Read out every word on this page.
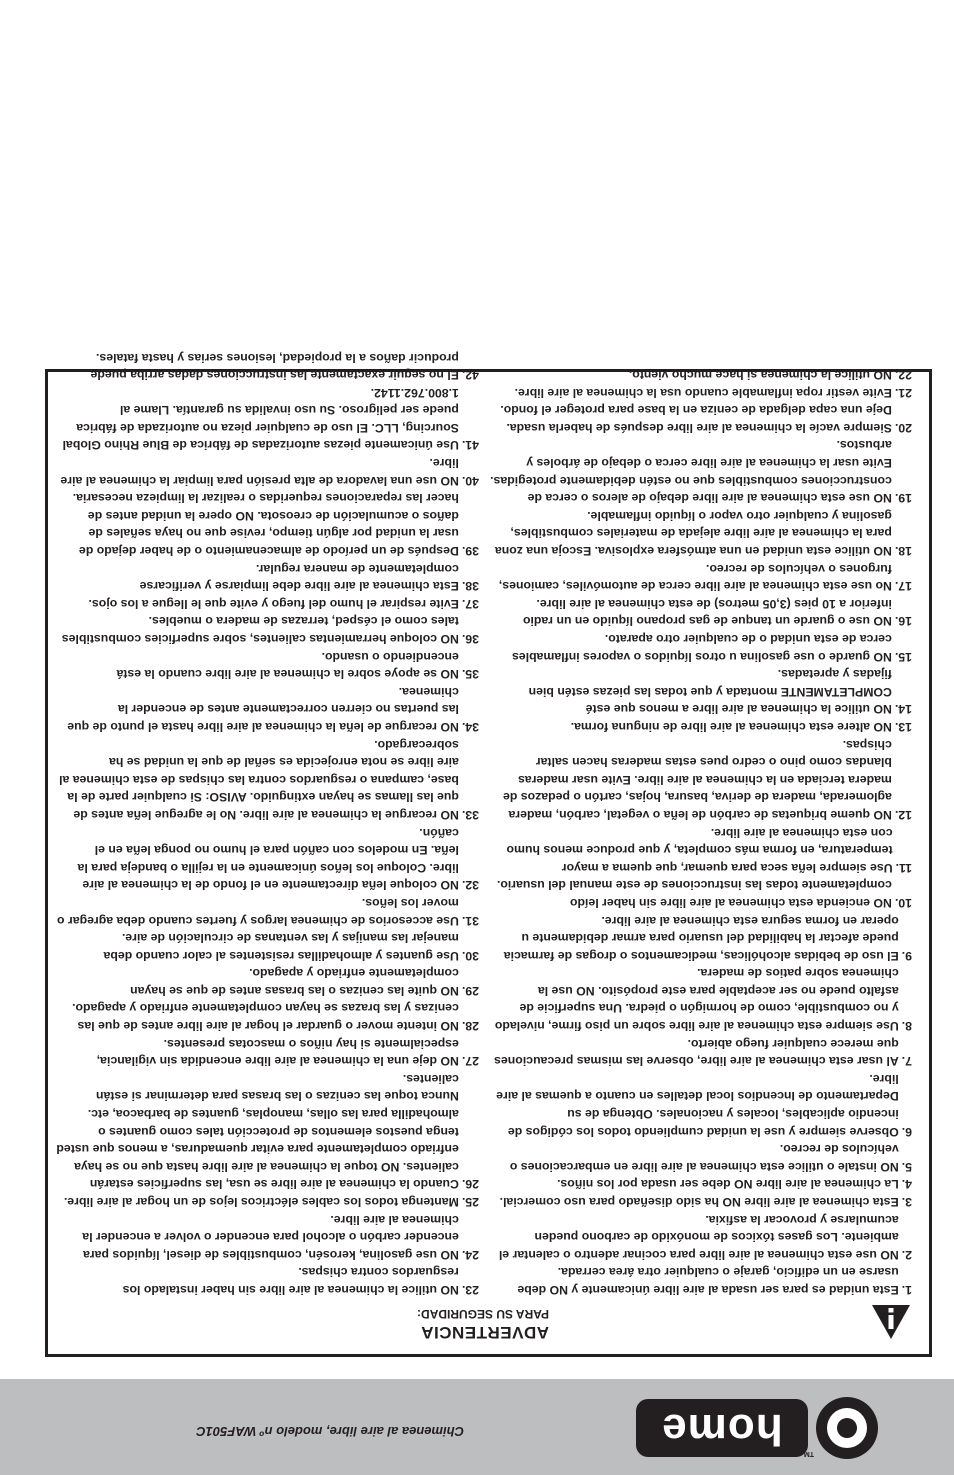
TM
home
Chimenea al aire libre, modelo nº WAF501C
ADVERTENCIA
PARA SU SEGURIDAD:
1.
Esta unidad es para ser usada al aire libre únicamente y NO debe usarse en un edificio, garaje o cualquier otra área cerrada.
2.
NO use esta chimenea al aire libre para cocinar adentro o calentar el ambiente. Los gases tóxicos de monóxido de carbono pueden acumularse y provocar la asfixia.
3.
Esta chimenea al aire libre NO ha sido diseñado para uso comercial.
4.
La chimenea al aire libre NO debe ser usada por los niños.
5.
NO instale o utilice esta chimenea al aire libre en embarcaciones o vehículos de recreo.
6.
Observe siempre y use la unidad cumpliendo todos los códigos de incendio aplicables, locales y nacionales. Obtenga de su Departamento de Incendios local detalles en cuanto a quemas al aire libre.
7.
Al usar esta chimenea al aire libre, observe las mismas precauciones que merece cualquier fuego abierto.
8.
Use siempre esta chimenea al aire libre sobre un piso firme, nivelado y no combustible, como de hormigón o piedra. Una superficie de asfalto puede no ser aceptable para este propósito. NO use la chimenea sobre patios de madera.
9.
El uso de bebidas alcohólicas, medicamentos o drogas de farmacia puede afectar la habilidad del usuario para armar debidamente u operar en forma segura esta chimenea al aire libre.
10.
NO encienda esta chimenea al aire libre sin haber leído completamente todas las instrucciones de este manual del usuario.
11.
Use siempre leña seca para quemar, que quema a mayor temperatura, en forma más completa, y que produce menos humo con esta chimenea al aire libre.
12.
NO queme briquetas de carbón de leña o vegetal, carbón, madera aglomerada, madera de deriva, basura, hojas, cartón o pedazos de madera terciada en la chimenea al aire libre. Evite usar maderas blandas como pino o cedro pues estas maderas hacen saltar chispas.
13.
NO altere esta chimenea al aire libre de ninguna forma.
14.
NO utilice la chimenea al aire libre a menos que esté COMPLETAMENTE montada y que todas las piezas estén bien fijadas y apretadas.
15.
NO guarde o use gasolina u otros líquidos o vapores inflamables cerca de esta unidad o de cualquier otro aparato.
16.
NO use o guarde un tanque de gas propano líquido en un radio inferior a 10 pies (3,05 metros) de esta chimenea al aire libre.
17.
No use esta chimenea al aire libre cerca de automóviles, camiones, furgones o vehículos de recreo.
18.
NO utilice esta unidad en una atmósfera explosiva. Escoja una zona para la chimenea al aire libre alejada de materiales combustibles, gasolina y cualquier otro vapor o líquido inflamable.
19.
NO use esta chimenea al aire libre debajo de aleros o cerca de construcciones combustibles que no estén debidamente protegidas. Evite usar la chimenea al aire libre cerca o debajo de árboles y arbustos.
20.
Siempre vacíe la chimenea al aire libre después de haberla usada. Deje una capa delgada de ceniza en la base para proteger el fondo.
21.
Evite vestir ropa inflamable cuando usa la chimenea al aire libre.
22.
NO utilice la chimenea si hace mucho viento.
23.
NO utilice la chimenea al aire libre sin haber instalado los resguardos contra chispas.
24.
NO use gasolina, kerosén, combustibles de diesel, líquidos para encender carbón o alcohol para encender o volver a encender la chimenea al aire libre.
25.
Mantenga todos los cables eléctricos lejos de un hogar al aire libre.
26.
Cuando la chimenea al aire libre se usa, las superficies estarán calientes. NO toque la chimenea al aire libre hasta que no se haya enfriado completamente para evitar quemaduras, a menos que usted tenga puestos elementos de protección tales como guantes o almohadilla para las ollas, manoplas, guantes de barbacoa, etc. Nunca toque las cenizas o las brasas para determinar si están calientes.
27.
NO deje una la chimenea al aire libre encendida sin vigilancia, especialmente si hay niños o mascotas presentes.
28.
NO intente mover o guardar el hogar al aire libre antes de que las cenizas y las brazas se hayan completamente enfriado y apagado.
29.
NO quite las cenizas o las brasas antes de que se hayan completamente enfriado y apagado.
30.
Use guantes y almohadillas resistentes al calor cuando deba manejar las manijas y las ventanas de circulación de aire.
31.
Use accesorios de chimenea largos y fuertes cuando deba agregar o mover los leños.
32.
NO coloque leña directamente en el fondo de la chimenea al aire libre. Coloque los leños únicamente en la rejilla o bandeja para la leña. En modelos con cañón para el humo no ponga leña en el cañón.
33.
NO recargue la chimenea al aire libre. No le agregue leña antes de que las llamas se hayan extinguido. AVISO: Si cualquier parte de la base, campana o resguardos contra las chispas de esta chimenea al aire libre se nota enrojecida es señal de que la unidad se ha sobrecargado.
34.
NO recargue de leña la chimenea al aire libre hasta el punto de que las puertas no cierren correctamente antes de encender la chimenea.
35.
NO se apoye sobre la chimenea al aire libre cuando la está encendiendo o usando.
36.
NO coloque herramientas calientes, sobre superficies combustibles tales como el césped, terrazas de madera o muebles.
37.
Evite respirar el humo del fuego y evite que le llegue a los ojos.
38.
Esta chimenea al aire libre debe limpiarse y verificarse completamente de manera regular.
39.
Después de un período de almacenamiento o de haber dejado de usar la unidad por algún tiempo, revise que no haya señales de daños o acumulación de creosota. NO opere la unidad antes de hacer las reparaciones requeridas o realizar la limpieza necesaria.
40.
NO use una lavadora de alta presión para limpiar la chimenea al aire libre.
41.
Use únicamente piezas autorizadas de fábrica de Blue Rhino Global Sourcing, LLC. El uso de cualquier pieza no autorizada de fábrica puede ser peligroso. Su uso invalida su garantía. Llame al 1.800.762.1142.
42.
El no seguir exactamente las instrucciones dadas arriba puede producir daños a la propiedad, lesiones serias y hasta fatales.
